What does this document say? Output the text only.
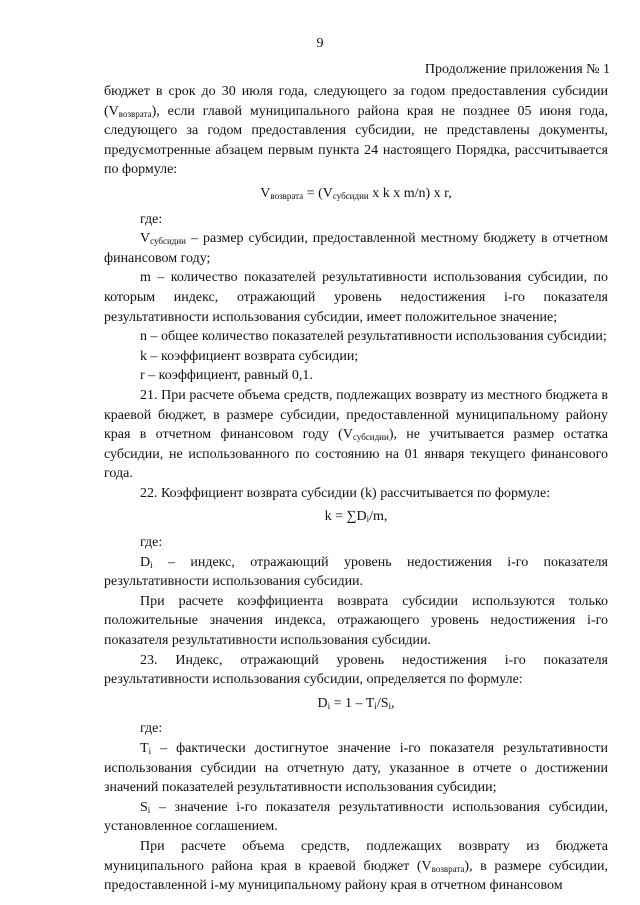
9
Продолжение приложения № 1

бюджет в срок до 30 июля года, следующего за годом предоставления субсидии $(V_{возврата})$, если главой муниципального района края не позднее 05 июня года, следующего за годом предоставления субсидии, не представлены документы, предусмотренные абзацем первым пункта 24 настоящего Порядка, рассчитывается по формуле:

$V_{возврата} = (V_{субсидии}$ x k x m/n) x r,

где:

$V_{субсидии}$ – размер субсидии, предоставленной местному бюджету в отчетном финансовом году;

m – количество показателей результативности использования субсидии, по которым индекс, отражающий уровень недостижения i-го показателя результативности использования субсидии, имеет положительное значение;

n – общее количество показателей результативности использования субсидии;

k – коэффициент возврата субсидии;

r – коэффициент, равный 0,1.

21. При расчете объема средств, подлежащих возврату из местного бюджета в краевой бюджет, в размере субсидии, предоставленной муниципальному району края в отчетном финансовом году $(V_{субсидии})$, не учитывается размер остатка субсидии, не использованного по состоянию на 01 января текущего финансового года.

22. Коэффициент возврата субсидии (k) рассчитывается по формуле:

$k = \sum D_i/m$,

где:

$D_i$ – индекс, отражающий уровень недостижения i-го показателя результативности использования субсидии.

При расчете коэффициента возврата субсидии используются только положительные значения индекса, отражающего уровень недостижения i-го показателя результативности использования субсидии.

23. Индекс, отражающий уровень недостижения i-го показателя результативности использования субсидии, определяется по формуле:

$D_i = 1 - T_i/S_i$,

где:

$T_i$ – фактически достигнутое значение i-го показателя результативности использования субсидии на отчетную дату, указанное в отчете о достижении значений показателей результативности использования субсидии;

$S_i$ – значение i-го показателя результативности использования субсидии, установленное соглашением.

При расчете объема средств, подлежащих возврату из бюджета муниципального района края в краевой бюджет $(V_{возврата})$, в размере субсидии, предоставленной i-му муниципальному району края в отчетном финансовом
